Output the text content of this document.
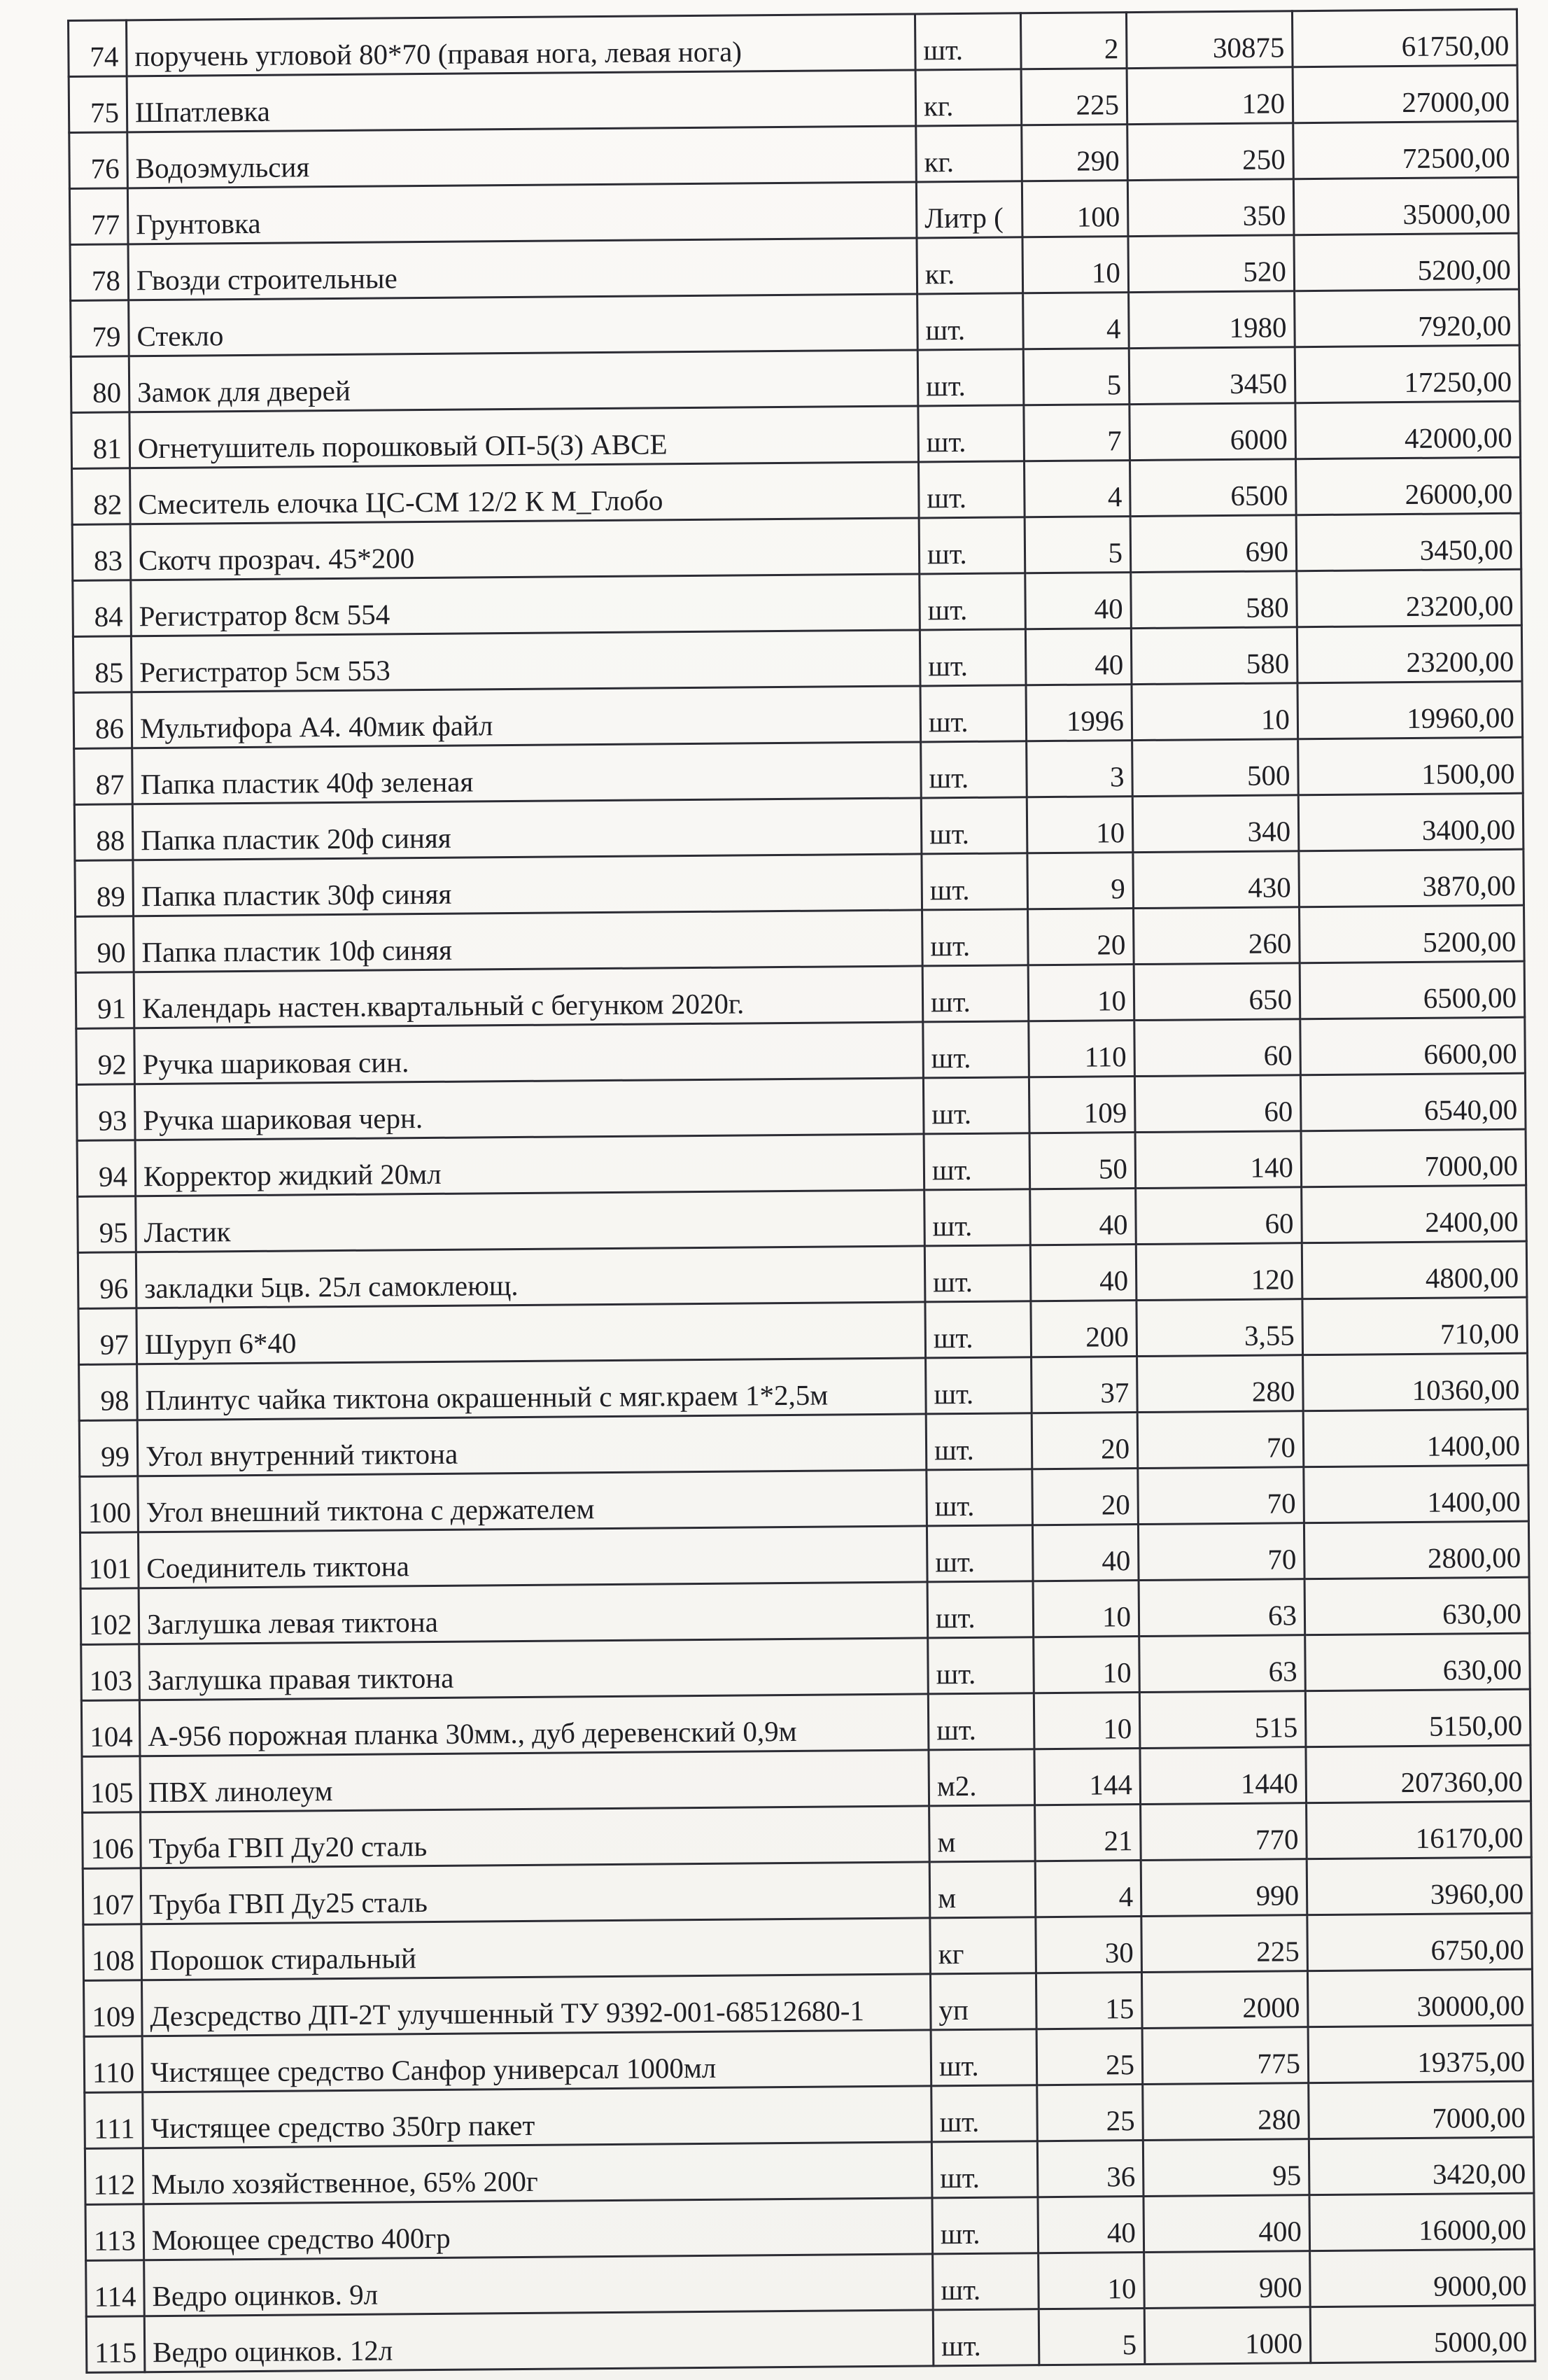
74	поручень угловой 80*70 (правая нога, левая нога)	шт.	2	30875	61750,00
75	Шпатлевка	кг.	225	120	27000,00
76	Водоэмульсия	кг.	290	250	72500,00
77	Грунтовка	Литр (	100	350	35000,00
78	Гвозди строительные	кг.	10	520	5200,00
79	Стекло	шт.	4	1980	7920,00
80	Замок для дверей	шт.	5	3450	17250,00
81	Огнетушитель порошковый ОП-5(З) АВСЕ	шт.	7	6000	42000,00
82	Смеситель елочка ЦС-СМ 12/2 К М_Глобо	шт.	4	6500	26000,00
83	Скотч прозрач. 45*200	шт.	5	690	3450,00
84	Регистратор 8см 554	шт.	40	580	23200,00
85	Регистратор 5см 553	шт.	40	580	23200,00
86	Мультифора А4. 40мик файл	шт.	1996	10	19960,00
87	Папка пластик 40ф зеленая	шт.	3	500	1500,00
88	Папка пластик 20ф синяя	шт.	10	340	3400,00
89	Папка пластик 30ф синяя	шт.	9	430	3870,00
90	Папка пластик 10ф синяя	шт.	20	260	5200,00
91	Календарь настен.квартальный с бегунком 2020г.	шт.	10	650	6500,00
92	Ручка шариковая син.	шт.	110	60	6600,00
93	Ручка шариковая черн.	шт.	109	60	6540,00
94	Корректор жидкий 20мл	шт.	50	140	7000,00
95	Ластик	шт.	40	60	2400,00
96	закладки 5цв. 25л самоклеющ.	шт.	40	120	4800,00
97	Шуруп 6*40	шт.	200	3,55	710,00
98	Плинтус чайка тиктона окрашенный с мяг.краем 1*2,5м	шт.	37	280	10360,00
99	Угол внутренний тиктона	шт.	20	70	1400,00
100	Угол внешний тиктона с держателем	шт.	20	70	1400,00
101	Соединитель тиктона	шт.	40	70	2800,00
102	Заглушка левая тиктона	шт.	10	63	630,00
103	Заглушка правая тиктона	шт.	10	63	630,00
104	А-956 порожная планка 30мм., дуб деревенский 0,9м	шт.	10	515	5150,00
105	ПВХ линолеум	м2.	144	1440	207360,00
106	Труба ГВП Ду20 сталь	м	21	770	16170,00
107	Труба ГВП Ду25 сталь	м	4	990	3960,00
108	Порошок стиральный	кг	30	225	6750,00
109	Дезсредство ДП-2Т улучшенный ТУ 9392-001-68512680-1	уп	15	2000	30000,00
110	Чистящее средство Санфор универсал 1000мл	шт.	25	775	19375,00
111	Чистящее средство 350гр пакет	шт.	25	280	7000,00
112	Мыло хозяйственное, 65% 200г	шт.	36	95	3420,00
113	Моющее средство 400гр	шт.	40	400	16000,00
114	Ведро оцинков. 9л	шт.	10	900	9000,00
115	Ведро оцинков. 12л	шт.	5	1000	5000,00
